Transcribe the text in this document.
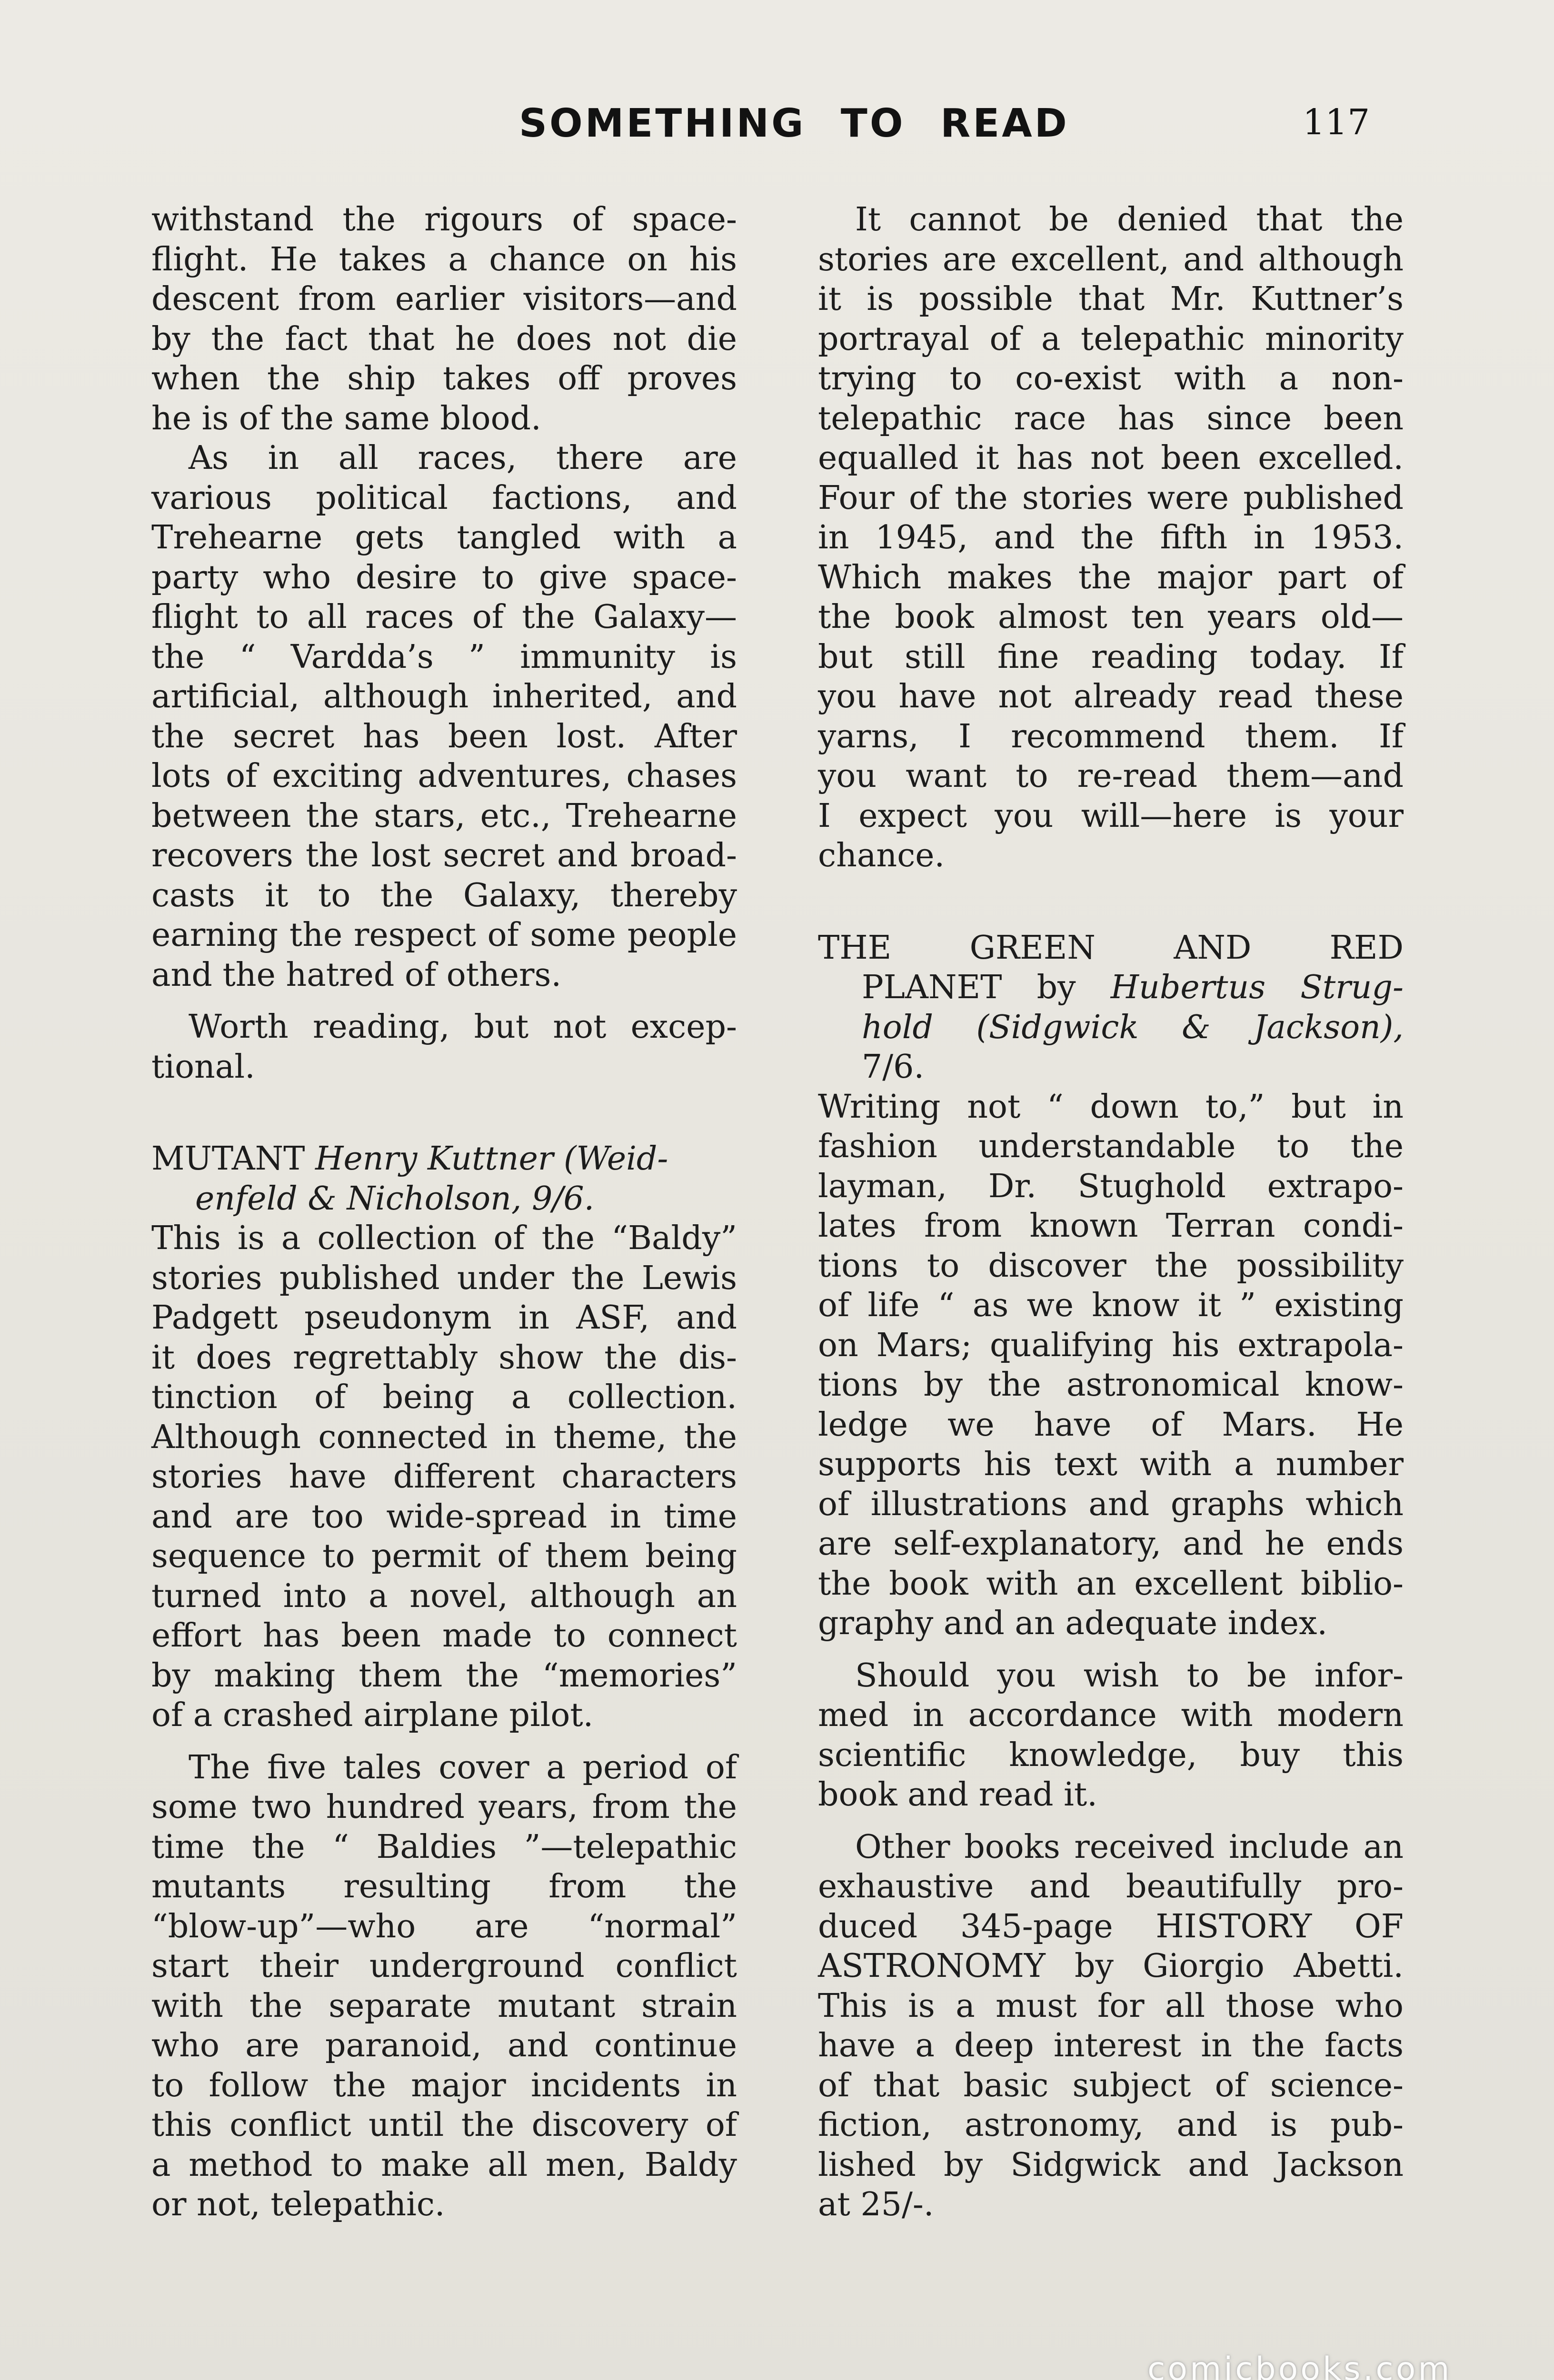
SOMETHING TO READ	117
withstand the rigours of space-
flight. He takes a chance on his
descent from earlier visitors—and
by the fact that he does not die
when the ship takes off proves
he is of the same blood.
As in all races, there are
various political factions, and
Trehearne gets tangled with a
party who desire to give space-
flight to all races of the Galaxy—
the “ Vardda’s ” immunity is
artificial, although inherited, and
the secret has been lost. After
lots of exciting adventures, chases
between the stars, etc., Trehearne
recovers the lost secret and broad-
casts it to the Galaxy, thereby
earning the respect of some people
and the hatred of others.
Worth reading, but not excep-
tional.
MUTANT Henry Kuttner (Weid-
enfeld & Nicholson, 9/6.
This is a collection of the “Baldy”
stories published under the Lewis
Padgett pseudonym in ASF, and
it does regrettably show the dis-
tinction of being a collection.
Although connected in theme, the
stories have different characters
and are too wide-spread in time
sequence to permit of them being
turned into a novel, although an
effort has been made to connect
by making them the “memories”
of a crashed airplane pilot.
The five tales cover a period of
some two hundred years, from the
time the “ Baldies ”—telepathic
mutants resulting from the
“blow-up”—who are “normal”
start their underground conflict
with the separate mutant strain
who are paranoid, and continue
to follow the major incidents in
this conflict until the discovery of
a method to make all men, Baldy
or not, telepathic.
It cannot be denied that the
stories are excellent, and although
it is possible that Mr. Kuttner’s
portrayal of a telepathic minority
trying to co-exist with a non-
telepathic race has since been
equalled it has not been excelled.
Four of the stories were published
in 1945, and the fifth in 1953.
Which makes the major part of
the book almost ten years old—
but still fine reading today. If
you have not already read these
yarns, I recommend them. If
you want to re-read them—and
I expect you will—here is your
chance.
THE GREEN AND RED
PLANET by Hubertus Strug-
hold (Sidgwick & Jackson),
7/6.
Writing not “ down to,” but in
fashion understandable to the
layman, Dr. Stughold extrapo-
lates from known Terran condi-
tions to discover the possibility
of life “ as we know it ” existing
on Mars; qualifying his extrapola-
tions by the astronomical know-
ledge we have of Mars. He
supports his text with a number
of illustrations and graphs which
are self-explanatory, and he ends
the book with an excellent biblio-
graphy and an adequate index.
Should you wish to be infor-
med in accordance with modern
scientific knowledge, buy this
book and read it.
Other books received include an
exhaustive and beautifully pro-
duced 345-page HISTORY OF
ASTRONOMY by Giorgio Abetti.
This is a must for all those who
have a deep interest in the facts
of that basic subject of science-
fiction, astronomy, and is pub-
lished by Sidgwick and Jackson
at 25/-.
comicbooks.com
